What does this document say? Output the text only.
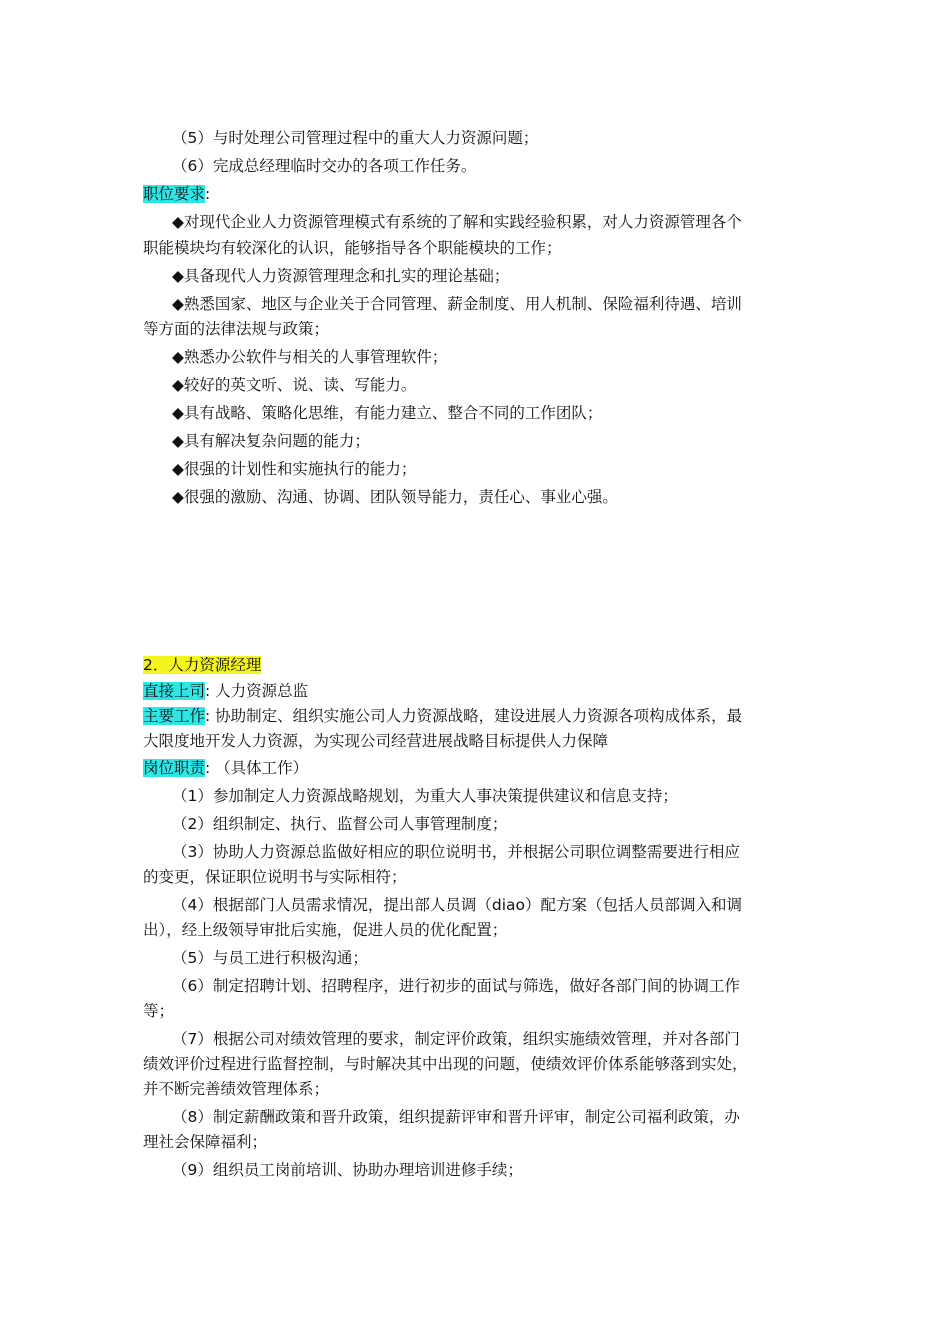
（5）与时处理公司管理过程中的重大人力资源问题；
（6）完成总经理临时交办的各项工作任务。
职位要求:
◆对现代企业人力资源管理模式有系统的了解和实践经验积累，对人力资源管理各个
职能模块均有较深化的认识，能够指导各个职能模块的工作；
◆具备现代人力资源管理理念和扎实的理论基础；
◆熟悉国家、地区与企业关于合同管理、薪金制度、用人机制、保险福利待遇、培训
等方面的法律法规与政策；
◆熟悉办公软件与相关的人事管理软件；
◆较好的英文听、说、读、写能力。
◆具有战略、策略化思维，有能力建立、整合不同的工作团队；
◆具有解决复杂问题的能力；
◆很强的计划性和实施执行的能力；
◆很强的激励、沟通、协调、团队领导能力，责任心、事业心强。
2．人力资源经理
直接上司: 人力资源总监
主要工作: 协助制定、组织实施公司人力资源战略，建设进展人力资源各项构成体系，最
大限度地开发人力资源，为实现公司经营进展战略目标提供人力保障
岗位职责: （具体工作）
（1）参加制定人力资源战略规划，为重大人事决策提供建议和信息支持；
（2）组织制定、执行、监督公司人事管理制度；
（3）协助人力资源总监做好相应的职位说明书，并根据公司职位调整需要进行相应
的变更，保证职位说明书与实际相符；
（4）根据部门人员需求情况，提出部人员调（diao）配方案（包括人员部调入和调
出），经上级领导审批后实施，促进人员的优化配置；
（5）与员工进行积极沟通；
（6）制定招聘计划、招聘程序，进行初步的面试与筛选，做好各部门间的协调工作
等；
（7）根据公司对绩效管理的要求，制定评价政策，组织实施绩效管理，并对各部门
绩效评价过程进行监督控制，与时解决其中出现的问题，使绩效评价体系能够落到实处，
并不断完善绩效管理体系；
（8）制定薪酬政策和晋升政策，组织提薪评审和晋升评审，制定公司福利政策，办
理社会保障福利；
（9）组织员工岗前培训、协助办理培训进修手续；
